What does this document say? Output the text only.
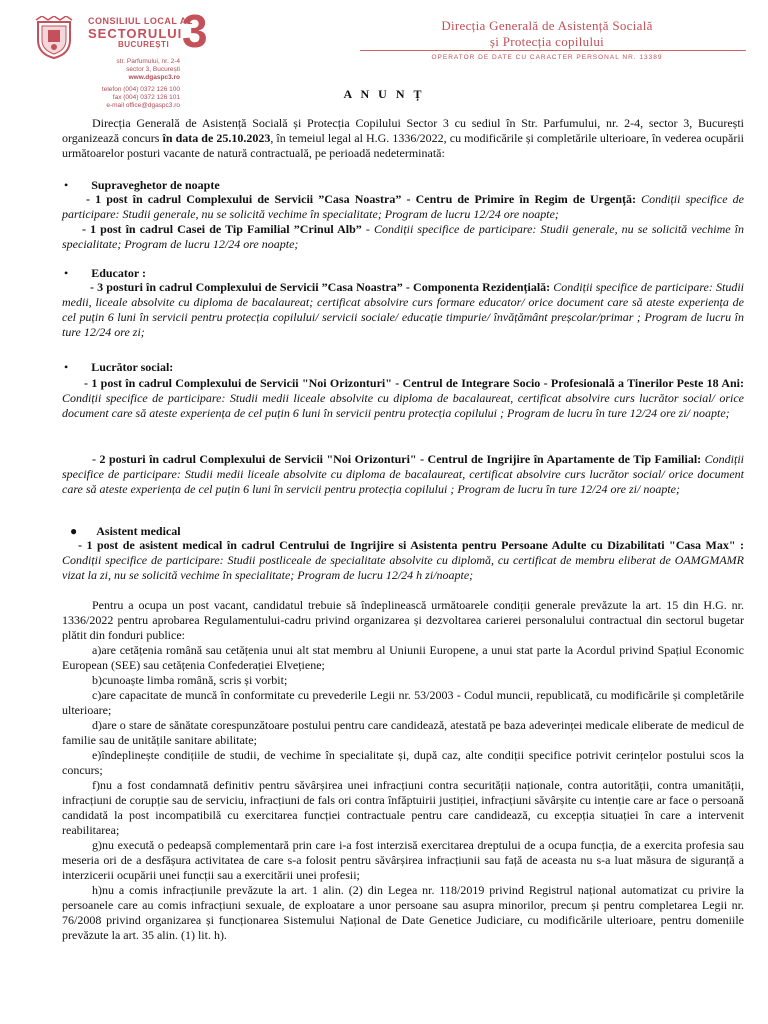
CONSILIUL LOCAL AL
SECTORULUI
BUCUREȘTI 3	Direcția Generală de Asistență Socială
și Protecția copilului
OPERATOR DE DATE CU CARACTER PERSONAL NR. 13389
str. Parfumului, nr. 2-4
sector 3, București
www.dgaspc3.ro
telefon (004) 0372 126 100
fax (004) 0372 126 101
e-mail office@dgaspc3.ro
A N U N Ț
Direcția Generală de Asistență Socială și Protecția Copilului Sector 3 cu sediul în Str. Parfumului, nr. 2-4, sector 3, București organizează concurs în data de 25.10.2023, în temeiul legal al H.G. 1336/2022, cu modificările și completările ulterioare, în vederea ocupării următoarelor posturi vacante de natură contractuală, pe perioadă nedeterminată:
• Supraveghetor de noapte
- 1 post în cadrul Complexului de Servicii ”Casa Noastra” - Centru de Primire în Regim de Urgență: Condiții specifice de participare: Studii generale, nu se solicită vechime în specialitate; Program de lucru 12/24 ore noapte;
- 1 post în cadrul Casei de Tip Familial ”Crinul Alb” - Condiții specifice de participare: Studii generale, nu se solicită vechime în specialitate; Program de lucru 12/24 ore noapte;
• Educator :
- 3 posturi în cadrul Complexului de Servicii ”Casa Noastra” - Componenta Rezidențială: Condiții specifice de participare: Studii medii, liceale absolvite cu diploma de bacalaureat; certificat absolvire curs formare educator/ orice document care să ateste experiența de cel puțin 6 luni în servicii pentru protecția copilului/ servicii sociale/ educație timpurie/ învățământ preșcolar/primar ; Program de lucru în ture 12/24 ore zi;
• Lucrător social:
- 1 post în cadrul Complexului de Servicii "Noi Orizonturi" - Centrul de Integrare Socio - Profesională a Tinerilor Peste 18 Ani: Condiții specifice de participare: Studii medii liceale absolvite cu diploma de bacalaureat, certificat absolvire curs lucrător social/ orice document care să ateste experiența de cel puțin 6 luni în servicii pentru protecția copilului ; Program de lucru în ture 12/24 ore zi/ noapte;
- 2 posturi în cadrul Complexului de Servicii "Noi Orizonturi" - Centrul de Ingrijire în Apartamente de Tip Familial: Condiții specifice de participare: Studii medii liceale absolvite cu diploma de bacalaureat, certificat absolvire curs lucrător social/ orice document care să ateste experiența de cel puțin 6 luni în servicii pentru protecția copilului ; Program de lucru în ture 12/24 ore zi/ noapte;
● Asistent medical
- 1 post de asistent medical în cadrul Centrului de Ingrijire si Asistenta pentru Persoane Adulte cu Dizabilitati "Casa Max" : Condiții specifice de participare: Studii postliceale de specialitate absolvite cu diplomă, cu certificat de membru eliberat de OAMGMAMR vizat la zi, nu se solicită vechime în specialitate; Program de lucru 12/24 h zi/noapte;
Pentru a ocupa un post vacant, candidatul trebuie să îndeplinească următoarele condiții generale prevăzute la art. 15 din H.G. nr. 1336/2022 pentru aprobarea Regulamentului-cadru privind organizarea și dezvoltarea carierei personalului contractual din sectorul bugetar plătit din fonduri publice:
a)are cetățenia română sau cetățenia unui alt stat membru al Uniunii Europene, a unui stat parte la Acordul privind Spațiul Economic European (SEE) sau cetățenia Confederației Elvețiene;
b)cunoaște limba română, scris și vorbit;
c)are capacitate de muncă în conformitate cu prevederile Legii nr. 53/2003 - Codul muncii, republicată, cu modificările și completările ulterioare;
d)are o stare de sănătate corespunzătoare postului pentru care candidează, atestată pe baza adeverinței medicale eliberate de medicul de familie sau de unitățile sanitare abilitate;
e)îndeplinește condițiile de studii, de vechime în specialitate și, după caz, alte condiții specifice potrivit cerințelor postului scos la concurs;
f)nu a fost condamnată definitiv pentru săvârșirea unei infracțiuni contra securității naționale, contra autorității, contra umanității, infracțiuni de corupție sau de serviciu, infracțiuni de fals ori contra înfăptuirii justiției, infracțiuni săvârșite cu intenție care ar face o persoană candidată la post incompatibilă cu exercitarea funcției contractuale pentru care candidează, cu excepția situației în care a intervenit reabilitarea;
g)nu execută o pedeapsă complementară prin care i-a fost interzisă exercitarea dreptului de a ocupa funcția, de a exercita profesia sau meseria ori de a desfășura activitatea de care s-a folosit pentru săvârșirea infracțiunii sau față de aceasta nu s-a luat măsura de siguranță a interzicerii ocupării unei funcții sau a exercitării unei profesii;
h)nu a comis infracțiunile prevăzute la art. 1 alin. (2) din Legea nr. 118/2019 privind Registrul național automatizat cu privire la persoanele care au comis infracțiuni sexuale, de exploatare a unor persoane sau asupra minorilor, precum și pentru completarea Legii nr. 76/2008 privind organizarea și funcționarea Sistemului Național de Date Genetice Judiciare, cu modificările ulterioare, pentru domeniile prevăzute la art. 35 alin. (1) lit. h).
